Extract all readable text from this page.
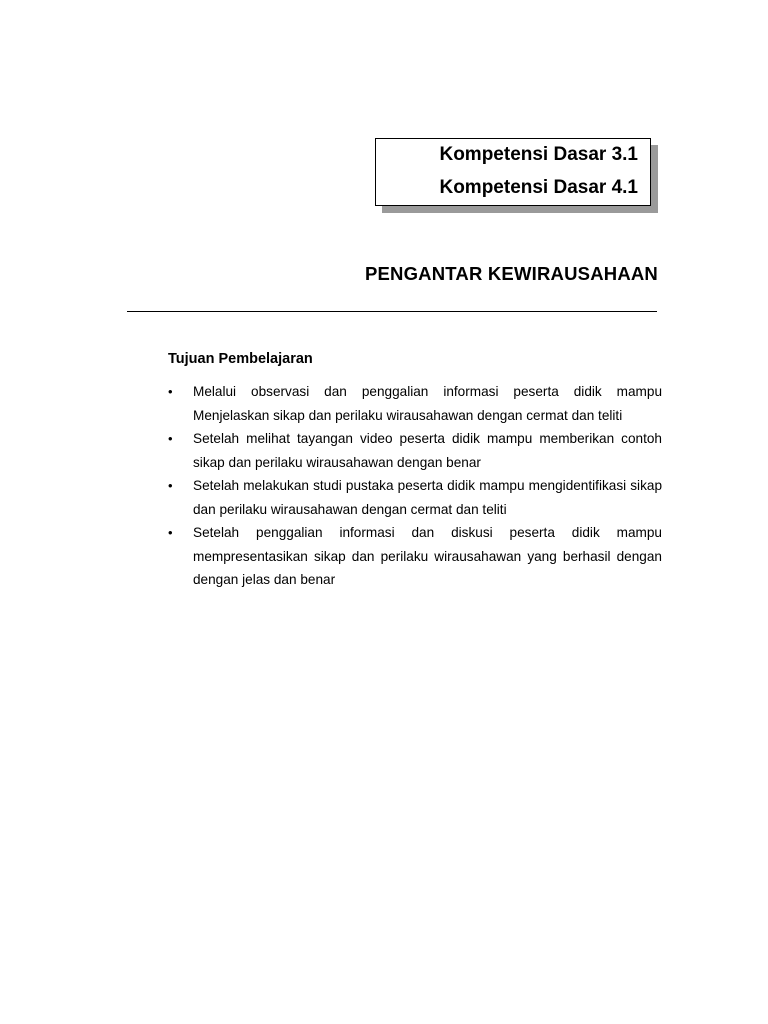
Kompetensi Dasar 3.1
Kompetensi Dasar 4.1
PENGANTAR KEWIRAUSAHAAN
Tujuan Pembelajaran
•	Melalui observasi dan penggalian informasi peserta didik mampu Menjelaskan sikap dan perilaku wirausahawan dengan cermat dan teliti
•	Setelah melihat tayangan video peserta didik mampu memberikan contoh sikap dan perilaku wirausahawan dengan benar
•	Setelah melakukan studi pustaka peserta didik mampu mengidentifikasi sikap dan perilaku wirausahawan dengan cermat dan teliti
•	Setelah penggalian informasi dan diskusi peserta didik mampu mempresentasikan sikap dan perilaku wirausahawan yang berhasil dengan dengan jelas dan benar
